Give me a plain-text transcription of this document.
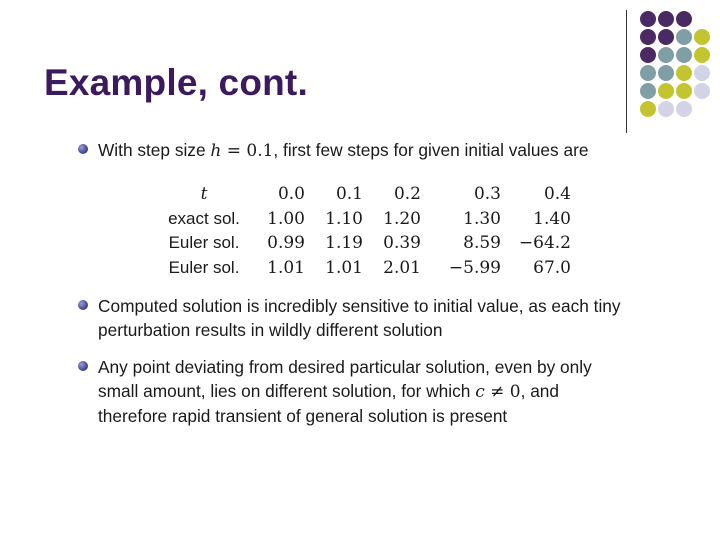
Example, cont.
With step size h = 0.1, first few steps for given initial values are
t	0.0	0.1	0.2	0.3	0.4
exact sol.	1.00	1.10	1.20	1.30	1.40
Euler sol.	0.99	1.19	0.39	8.59	−64.2
Euler sol.	1.01	1.01	2.01	−5.99	67.0
Computed solution is incredibly sensitive to initial value, as each tiny perturbation results in wildly different solution
Any point deviating from desired particular solution, even by only small amount, lies on different solution, for which c ≠ 0, and therefore rapid transient of general solution is present
